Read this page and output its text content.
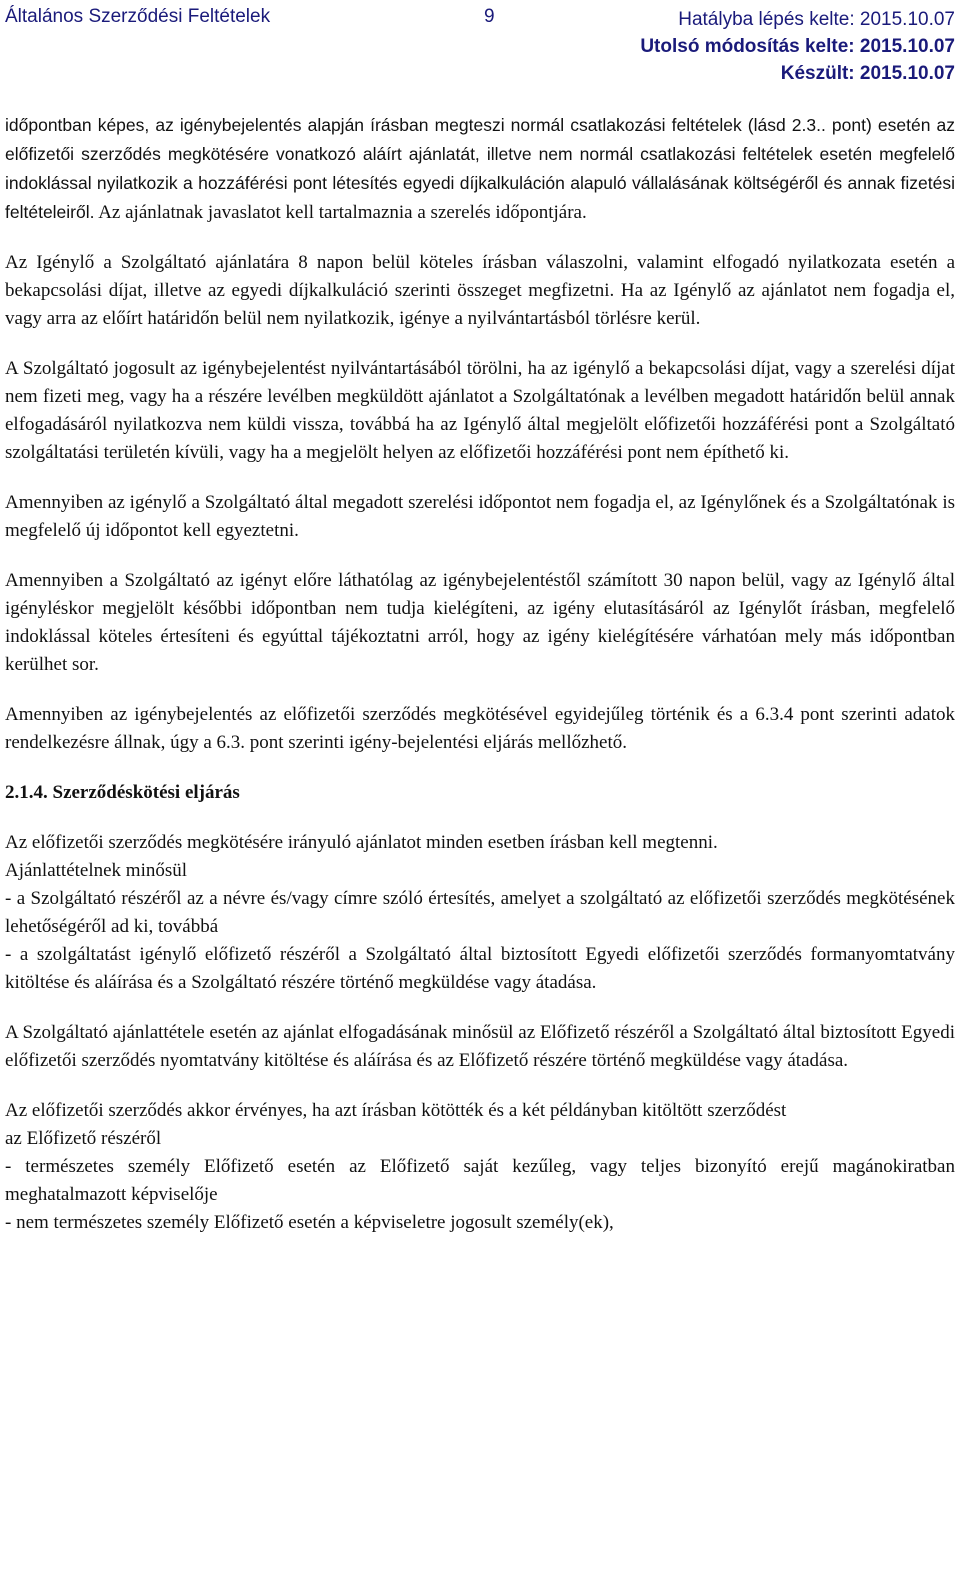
Általános Szerződési Feltételek	9	Hatályba lépés kelte: 2015.10.07
Utolsó módosítás kelte: 2015.10.07
Készült: 2015.10.07

időpontban képes, az igénybejelentés alapján írásban megteszi normál csatlakozási feltételek (lásd 2.3.. pont) esetén az előfizetői szerződés megkötésére vonatkozó aláírt ajánlatát, illetve nem normál csatlakozási feltételek esetén megfelelő indoklással nyilatkozik a hozzáférési pont létesítés egyedi díjkalkuláción alapuló vállalásának költségéről és annak fizetési feltételeiről. Az ajánlatnak javaslatot kell tartalmaznia a szerelés időpontjára.

Az Igénylő a Szolgáltató ajánlatára 8 napon belül köteles írásban válaszolni, valamint elfogadó nyilatkozata esetén a bekapcsolási díjat, illetve az egyedi díjkalkuláció szerinti összeget megfizetni. Ha az Igénylő az ajánlatot nem fogadja el, vagy arra az előírt határidőn belül nem nyilatkozik, igénye a nyilvántartásból törlésre kerül.

A Szolgáltató jogosult az igénybejelentést nyilvántartásából törölni, ha az igénylő a bekapcsolási díjat, vagy a szerelési díjat nem fizeti meg, vagy ha a részére levélben megküldött ajánlatot a Szolgáltatónak a levélben megadott határidőn belül annak elfogadásáról nyilatkozva nem küldi vissza, továbbá ha az Igénylő által megjelölt előfizetői hozzáférési pont a Szolgáltató szolgáltatási területén kívüli, vagy ha a megjelölt helyen az előfizetői hozzáférési pont nem építhető ki.

Amennyiben az igénylő a Szolgáltató által megadott szerelési időpontot nem fogadja el, az Igénylőnek és a Szolgáltatónak is megfelelő új időpontot kell egyeztetni.

Amennyiben a Szolgáltató az igényt előre láthatólag az igénybejelentéstől számított 30 napon belül, vagy az Igénylő által igényléskor megjelölt későbbi időpontban nem tudja kielégíteni, az igény elutasításáról az Igénylőt írásban, megfelelő indoklással köteles értesíteni és egyúttal tájékoztatni arról, hogy az igény kielégítésére várhatóan mely más időpontban kerülhet sor.

Amennyiben az igénybejelentés az előfizetői szerződés megkötésével egyidejűleg történik és a 6.3.4 pont szerinti adatok rendelkezésre állnak, úgy a 6.3. pont szerinti igény-bejelentési eljárás mellőzhető.

2.1.4. Szerződéskötési eljárás

Az előfizetői szerződés megkötésére irányuló ajánlatot minden esetben írásban kell megtenni.

Ajánlattételnek minősül

- a Szolgáltató részéről az a névre és/vagy címre szóló értesítés, amelyet a szolgáltató az előfizetői szerződés megkötésének lehetőségéről ad ki, továbbá

- a szolgáltatást igénylő előfizető részéről a Szolgáltató által biztosított Egyedi előfizetői szerződés formanyomtatvány kitöltése és aláírása és a Szolgáltató részére történő megküldése vagy átadása.

A Szolgáltató ajánlattétele esetén az ajánlat elfogadásának minősül az Előfizető részéről a Szolgáltató által biztosított Egyedi előfizetői szerződés nyomtatvány kitöltése és aláírása és az Előfizető részére történő megküldése vagy átadása.

Az előfizetői szerződés akkor érvényes, ha azt írásban kötötték és a két példányban kitöltött szerződést

az Előfizető részéről

- természetes személy Előfizető esetén az Előfizető saját kezűleg, vagy teljes bizonyító erejű magánokiratban meghatalmazott képviselője

- nem természetes személy Előfizető esetén a képviseletre jogosult személy(ek),
